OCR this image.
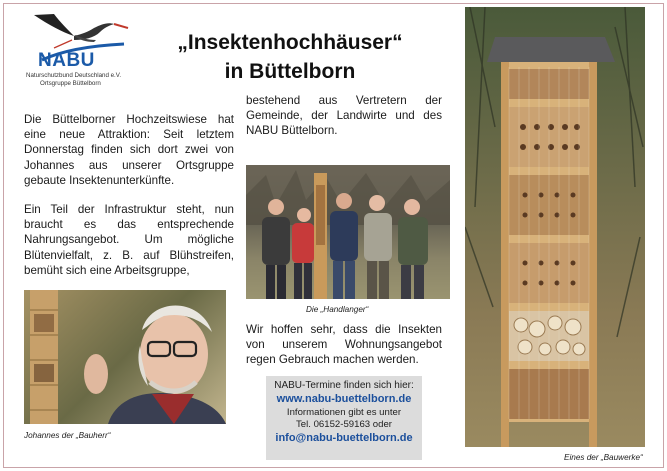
NABU
Naturschutzbund Deutschland e.V.
Ortsgruppe Büttelborn
„Insektenhochhäuser“
in Büttelborn
Die Büttelborner Hochzeitswiese hat eine neue Attraktion: Seit letztem Donnerstag finden sich dort zwei von Johannes aus unserer Ortsgruppe gebaute Insektenunterkünfte.
Ein Teil der Infrastruktur steht, nun braucht es das entsprechende Nahrungsangebot. Um mögliche Blütenvielfalt, z. B. auf Blühstreifen, bemüht sich eine Arbeitsgruppe,
bestehend aus Vertretern der Gemeinde, der Landwirte und des NABU Büttelborn.
Wir hoffen sehr, dass die Insekten von unserem Wohnungsangebot regen Gebrauch machen werden.
Die „Handlanger“
Johannes der „Bauherr“
NABU-Termine finden sich hier:
www.nabu-buettelborn.de
Informationen gibt es unter
Tel. 06152-59163 oder
info@nabu-buettelborn.de
Eines der „Bauwerke“
